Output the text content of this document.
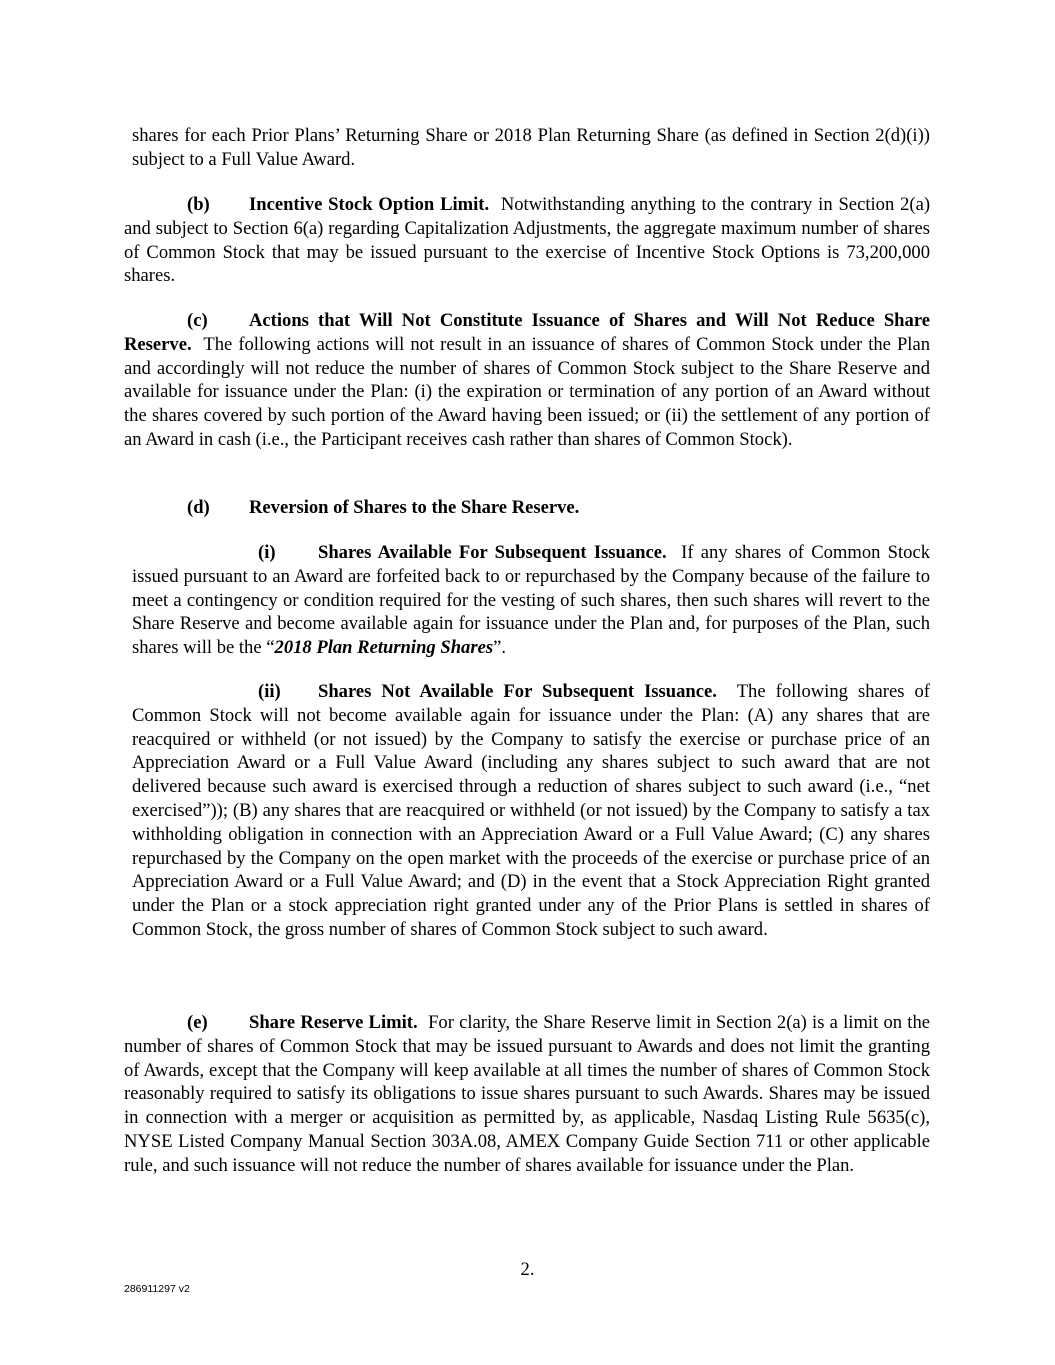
shares for each Prior Plans’ Returning Share or 2018 Plan Returning Share (as defined in Section 2(d)(i)) subject to a Full Value Award.

(b) Incentive Stock Option Limit. Notwithstanding anything to the contrary in Section 2(a) and subject to Section 6(a) regarding Capitalization Adjustments, the aggregate maximum number of shares of Common Stock that may be issued pursuant to the exercise of Incentive Stock Options is 73,200,000 shares.

(c) Actions that Will Not Constitute Issuance of Shares and Will Not Reduce Share Reserve. The following actions will not result in an issuance of shares of Common Stock under the Plan and accordingly will not reduce the number of shares of Common Stock subject to the Share Reserve and available for issuance under the Plan: (i) the expiration or termination of any portion of an Award without the shares covered by such portion of the Award having been issued; or (ii) the settlement of any portion of an Award in cash (i.e., the Participant receives cash rather than shares of Common Stock).

(d) Reversion of Shares to the Share Reserve.

(i) Shares Available For Subsequent Issuance. If any shares of Common Stock issued pursuant to an Award are forfeited back to or repurchased by the Company because of the failure to meet a contingency or condition required for the vesting of such shares, then such shares will revert to the Share Reserve and become available again for issuance under the Plan and, for purposes of the Plan, such shares will be the “2018 Plan Returning Shares”.

(ii) Shares Not Available For Subsequent Issuance. The following shares of Common Stock will not become available again for issuance under the Plan: (A) any shares that are reacquired or withheld (or not issued) by the Company to satisfy the exercise or purchase price of an Appreciation Award or a Full Value Award (including any shares subject to such award that are not delivered because such award is exercised through a reduction of shares subject to such award (i.e., “net exercised”)); (B) any shares that are reacquired or withheld (or not issued) by the Company to satisfy a tax withholding obligation in connection with an Appreciation Award or a Full Value Award; (C) any shares repurchased by the Company on the open market with the proceeds of the exercise or purchase price of an Appreciation Award or a Full Value Award; and (D) in the event that a Stock Appreciation Right granted under the Plan or a stock appreciation right granted under any of the Prior Plans is settled in shares of Common Stock, the gross number of shares of Common Stock subject to such award.

(e) Share Reserve Limit. For clarity, the Share Reserve limit in Section 2(a) is a limit on the number of shares of Common Stock that may be issued pursuant to Awards and does not limit the granting of Awards, except that the Company will keep available at all times the number of shares of Common Stock reasonably required to satisfy its obligations to issue shares pursuant to such Awards. Shares may be issued in connection with a merger or acquisition as permitted by, as applicable, Nasdaq Listing Rule 5635(c), NYSE Listed Company Manual Section 303A.08, AMEX Company Guide Section 711 or other applicable rule, and such issuance will not reduce the number of shares available for issuance under the Plan.

2.
286911297 v2
